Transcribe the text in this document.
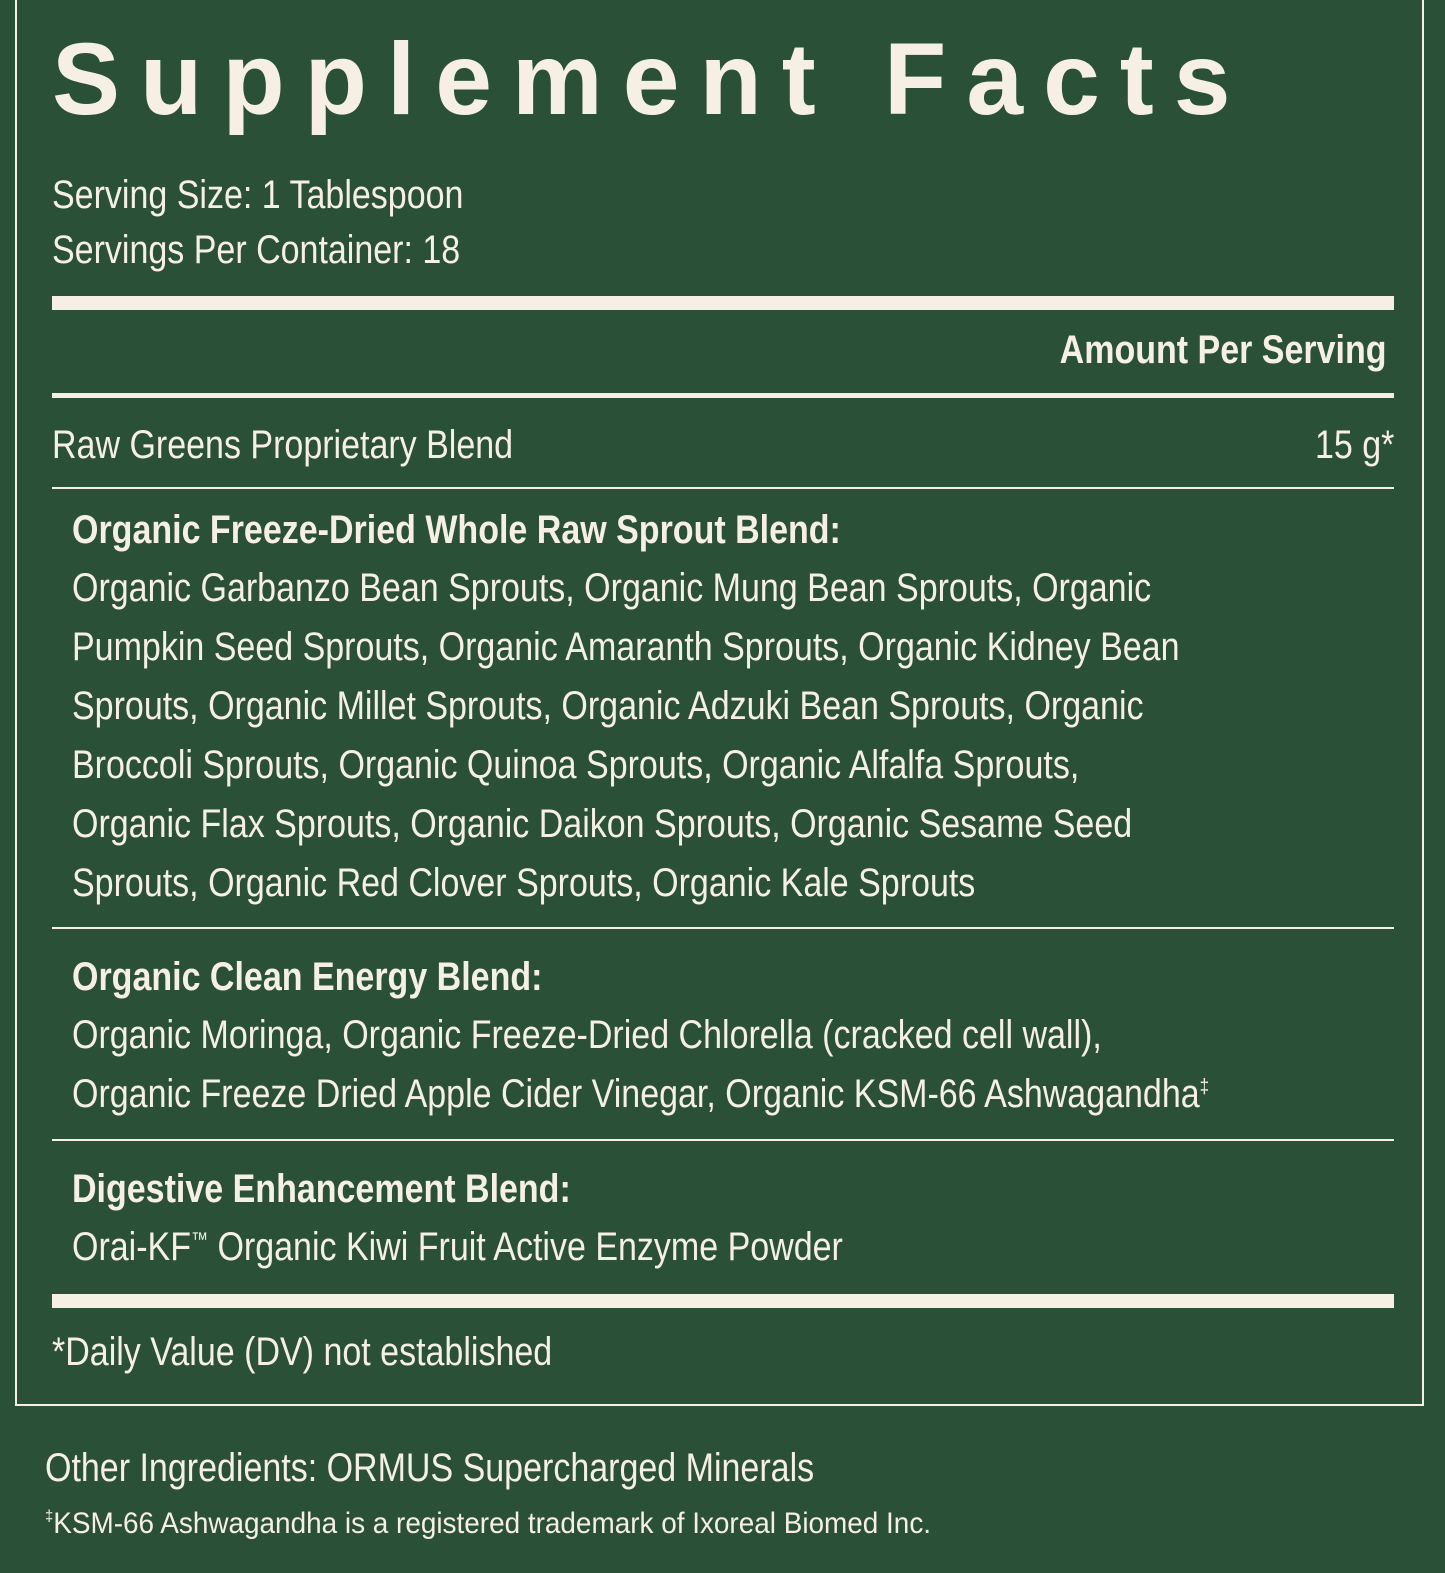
Supplement Facts
Serving Size: 1 Tablespoon
Servings Per Container: 18
Amount Per Serving
Raw Greens Proprietary Blend	15 g*
Organic Freeze-Dried Whole Raw Sprout Blend:
Organic Garbanzo Bean Sprouts, Organic Mung Bean Sprouts, Organic
Pumpkin Seed Sprouts, Organic Amaranth Sprouts, Organic Kidney Bean
Sprouts, Organic Millet Sprouts, Organic Adzuki Bean Sprouts, Organic
Broccoli Sprouts, Organic Quinoa Sprouts, Organic Alfalfa Sprouts,
Organic Flax Sprouts, Organic Daikon Sprouts, Organic Sesame Seed
Sprouts, Organic Red Clover Sprouts, Organic Kale Sprouts
Organic Clean Energy Blend:
Organic Moringa, Organic Freeze-Dried Chlorella (cracked cell wall),
Organic Freeze Dried Apple Cider Vinegar, Organic KSM-66 Ashwagandha‡
Digestive Enhancement Blend:
Orai-KF™ Organic Kiwi Fruit Active Enzyme Powder
*Daily Value (DV) not established
Other Ingredients: ORMUS Supercharged Minerals
‡KSM-66 Ashwagandha is a registered trademark of Ixoreal Biomed Inc.
